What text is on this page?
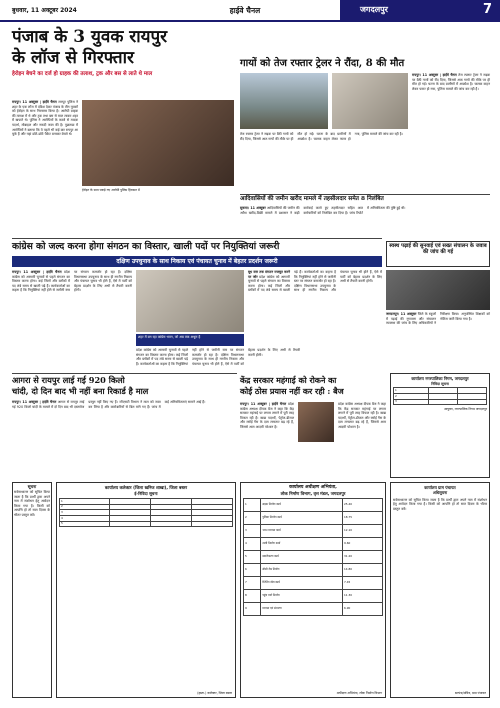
बुधवार, 11 अक्टूबर 2024	हाईवे चैनल	जगदलपुर	7
पंजाब के 3 युवक रायपुर
के लॉज से गिरफ्तार
हेरोइन बेचने का दर्ज हो ग्राहक की तलाश, ट्रक और बस से लाते थे माल
रायपुर। 11 अक्टूबर | हाईवे चैनल रायपुर पुलिस ने शहर के एक लॉज में दबिश देकर पंजाब के तीन युवकों को हेरोइन के साथ गिरफ्तार किया है। आरोपी ग्राहक की तलाश में थे और ट्रक तथा बस से माल लाकर शहर में खपाते थे। पुलिस ने आरोपियों के कब्जे से मादक पदार्थ, मोबाइल और नकदी जब्त की है। पूछताछ में आरोपियों ने बताया कि वे पहले भी कई बार रायपुर आ चुके हैं और यहां छोटे-छोटे पैकेट बनाकर बेचते थे।
हेरोइन के साथ पकड़े गए आरोपी पुलिस हिरासत में
गायों को तेज रफ्तार ट्रेलर ने रौंदा, 8 की मौत
रायपुर। 11 अक्टूबर | हाईवे चैनल तेज रफ्तार ट्रेलर ने सड़क पर बैठी गायों को रौंद दिया, जिससे आठ गायों की मौके पर ही मौत हो गई। घटना के बाद ग्रामीणों में आक्रोश है। चालक वाहन लेकर फरार हो गया, पुलिस मामले की जांच कर रही है।
तेज रफ्तार ट्रेलर ने सड़क पर बैठी गायों को रौंद दिया, जिससे आठ गायों की मौके पर ही मौत हो गई। घटना के बाद ग्रामीणों में आक्रोश है। चालक वाहन लेकर फरार हो गया, पुलिस मामले की जांच कर रही है।
आदिवासियों की जमीन खरीद मामले में तहसीलदार समेत 8 निलंबित
सुकमा। 11 अक्टूबर आदिवासियों की जमीन की अवैध खरीद-बिक्री मामले में प्रशासन ने कड़ी कार्रवाई करते हुए तहसीलदार सहित आठ कर्मचारियों को निलंबित कर दिया है। जांच रिपोर्ट में अनियमितता की पुष्टि हुई थी।
कांग्रेस को जल्द करना होगा संगठन का विस्तार, खाली पदों पर नियुक्तियां जरूरी
दक्षिण उपचुनाव के साथ निकाय एवं पंचायत चुनाव में बेहतर प्रदर्शन जरूरी
रायपुर। 11 अक्टूबर | हाईवे चैनल प्रदेश कांग्रेस को आगामी चुनावों से पहले संगठन का विस्तार करना होगा। कई जिलों और ब्लॉकों में पद लंबे समय से खाली पड़े हैं। कार्यकर्ताओं का कहना है कि नियुक्तियां नहीं होने से जमीनी स्तर पर संगठन कमजोर हो रहा है। दक्षिण विधानसभा उपचुनाव के साथ ही नगरीय निकाय और पंचायत चुनाव भी होने हैं, ऐसे में पार्टी को बेहतर प्रदर्शन के लिए अभी से तैयारी करनी होगी।
शहर में बन रहा कांग्रेस भवन, जो अब तक अधूरा है
प्रदेश कांग्रेस को आगामी चुनावों से पहले संगठन का विस्तार करना होगा। कई जिलों और ब्लॉकों में पद लंबे समय से खाली पड़े हैं। कार्यकर्ताओं का कहना है कि नियुक्तियां नहीं होने से जमीनी स्तर पर संगठन कमजोर हो रहा है। दक्षिण विधानसभा उपचुनाव के साथ ही नगरीय निकाय और पंचायत चुनाव भी होने हैं, ऐसे में पार्टी को बेहतर प्रदर्शन के लिए अभी से तैयारी करनी होगी।
बूथ स्तर तक संगठन मजबूत करने पर जोर प्रदेश कांग्रेस को आगामी चुनावों से पहले संगठन का विस्तार करना होगा। कई जिलों और ब्लॉकों में पद लंबे समय से खाली पड़े हैं। कार्यकर्ताओं का कहना है कि नियुक्तियां नहीं होने से जमीनी स्तर पर संगठन कमजोर हो रहा है। दक्षिण विधानसभा उपचुनाव के साथ ही नगरीय निकाय और पंचायत चुनाव भी होने हैं, ऐसे में पार्टी को बेहतर प्रदर्शन के लिए अभी से तैयारी करनी होगी।
स्वस्थ पढ़ाई की सुनवाई एवं सख्त संचालन के जवाब की जांच की गई
जगदलपुर। 11 अक्टूबर जिले के स्कूलों में पढ़ाई की गुणवत्ता और संचालन व्यवस्था की जांच के लिए अधिकारियों ने निरीक्षण किया। अनुपस्थित शिक्षकों को नोटिस जारी किया गया है।
आगरा से रायपुर लाई गई 920 किलो
चांदी, दो दिन बाद भी नहीं बना रिकार्ड है माल
रायपुर। 11 अक्टूबर | हाईवे चैनल आगरा से रायपुर लाई गई 920 किलो चांदी के मामले में दो दिन बाद भी दस्तावेज प्रस्तुत नहीं किए गए हैं। जीएसटी विभाग ने माल को जब्त कर लिया है और कारोबारियों से बिल मांगे गए हैं। जांच में कई अनियमितताएं सामने आई हैं।
केंद्र सरकार महंगाई को रोकने का
कोई ठोस प्रयास नहीं कर रही : बैज
रायपुर। 11 अक्टूबर | हाईवे चैनल प्रदेश कांग्रेस अध्यक्ष दीपक बैज ने कहा कि केंद्र सरकार महंगाई पर लगाम लगाने में पूरी तरह विफल रही है। खाद्य पदार्थों, पेट्रोल-डीजल और रसोई गैस के दाम लगातार बढ़ रहे हैं, जिससे आम आदमी परेशान है।
प्रदेश कांग्रेस अध्यक्ष दीपक बैज ने कहा कि केंद्र सरकार महंगाई पर लगाम लगाने में पूरी तरह विफल रही है। खाद्य पदार्थों, पेट्रोल-डीजल और रसोई गैस के दाम लगातार बढ़ रहे हैं, जिससे आम आदमी परेशान है।
कार्यालय नगरपालिका निगम, जगदलपुर
निविदा सूचना
1		
2		
3		
आयुक्त, नगरपालिक निगम जगदलपुर
सूचना
सर्वसाधारण को सूचित किया जाता है कि प्रार्थी द्वारा अपने नाम में संशोधन हेतु आवेदन किया गया है। किसी को आपत्ति हो तो सात दिवस के भीतर प्रस्तुत करें।
कार्यालय कलेक्टर (जिला खनिज शाखा), जिला बस्तर
ई-निविदा सूचना
1			
2			
3			
4			
5			
(हस्ता.) कलेक्टर, जिला बस्तर
कार्यालय अधीक्षण अभियंता,
लोक निर्माण विभाग, वृत्त मंडल, जगदलपुर
1	सड़क निर्माण कार्य	25.40
2	पुलिया निर्माण कार्य	18.75
3	भवन मरम्मत कार्य	12.10
4	नाली निर्माण कार्य	9.60
5	डामरीकरण कार्य	31.20
6	सीसी रोड निर्माण	14.80
7	रिटेनिंग वॉल कार्य	7.45
8	पहुंच मार्ग निर्माण	11.30
9	मरम्मत एवं संधारण	6.90
अधीक्षण अभियंता, लोक निर्माण विभाग
कार्यालय ग्राम पंचायत
अधिसूचना
सर्वसाधारण को सूचित किया जाता है कि प्रार्थी द्वारा अपने नाम में संशोधन हेतु आवेदन किया गया है। किसी को आपत्ति हो तो सात दिवस के भीतर प्रस्तुत करें।
सरपंच/सचिव, ग्राम पंचायत
